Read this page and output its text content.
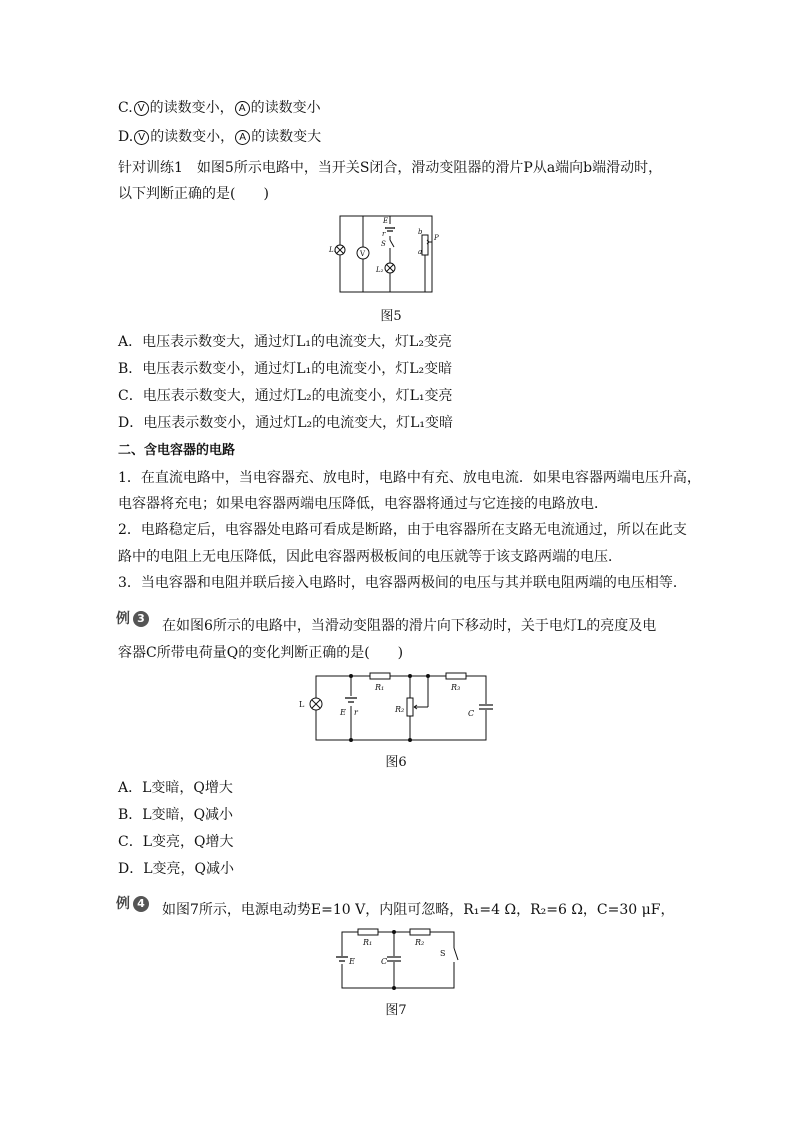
C. V 的读数变小， A 的读数变小
D. V 的读数变小， A 的读数变大
针对训练1　如图5所示电路中，当开关S闭合，滑动变阻器的滑片P从a端向b端滑动时，
以下判断正确的是(　　)
L₁
E
r
S
L₂
b
a
P
V
图5
A．电压表示数变大，通过灯L₁的电流变大，灯L₂变亮
B．电压表示数变小，通过灯L₁的电流变小，灯L₂变暗
C．电压表示数变大，通过灯L₂的电流变小，灯L₁变亮
D．电压表示数变小，通过灯L₂的电流变大，灯L₁变暗
二、含电容器的电路
1．在直流电路中，当电容器充、放电时，电路中有充、放电电流．如果电容器两端电压升高，
电容器将充电；如果电容器两端电压降低，电容器将通过与它连接的电路放电．
2．电路稳定后，电容器处电路可看成是断路，由于电容器所在支路无电流通过，所以在此支
路中的电阻上无电压降低，因此电容器两极板间的电压就等于该支路两端的电压．
3．当电容器和电阻并联后接入电路时，电容器两极间的电压与其并联电阻两端的电压相等．
例 3 在如图6所示的电路中，当滑动变阻器的滑片向下移动时，关于电灯L的亮度及电
容器C所带电荷量Q的变化判断正确的是(　　)
L
E r
R₁
R₂
R₃
C
图6
A．L变暗，Q增大
B．L变暗，Q减小
C．L变亮，Q增大
D．L变亮，Q减小
例 4 如图7所示，电源电动势E=10 V，内阻可忽略，R₁=4 Ω，R₂=6 Ω，C=30 μF，
R₁	R₂
C
E
S
图7
